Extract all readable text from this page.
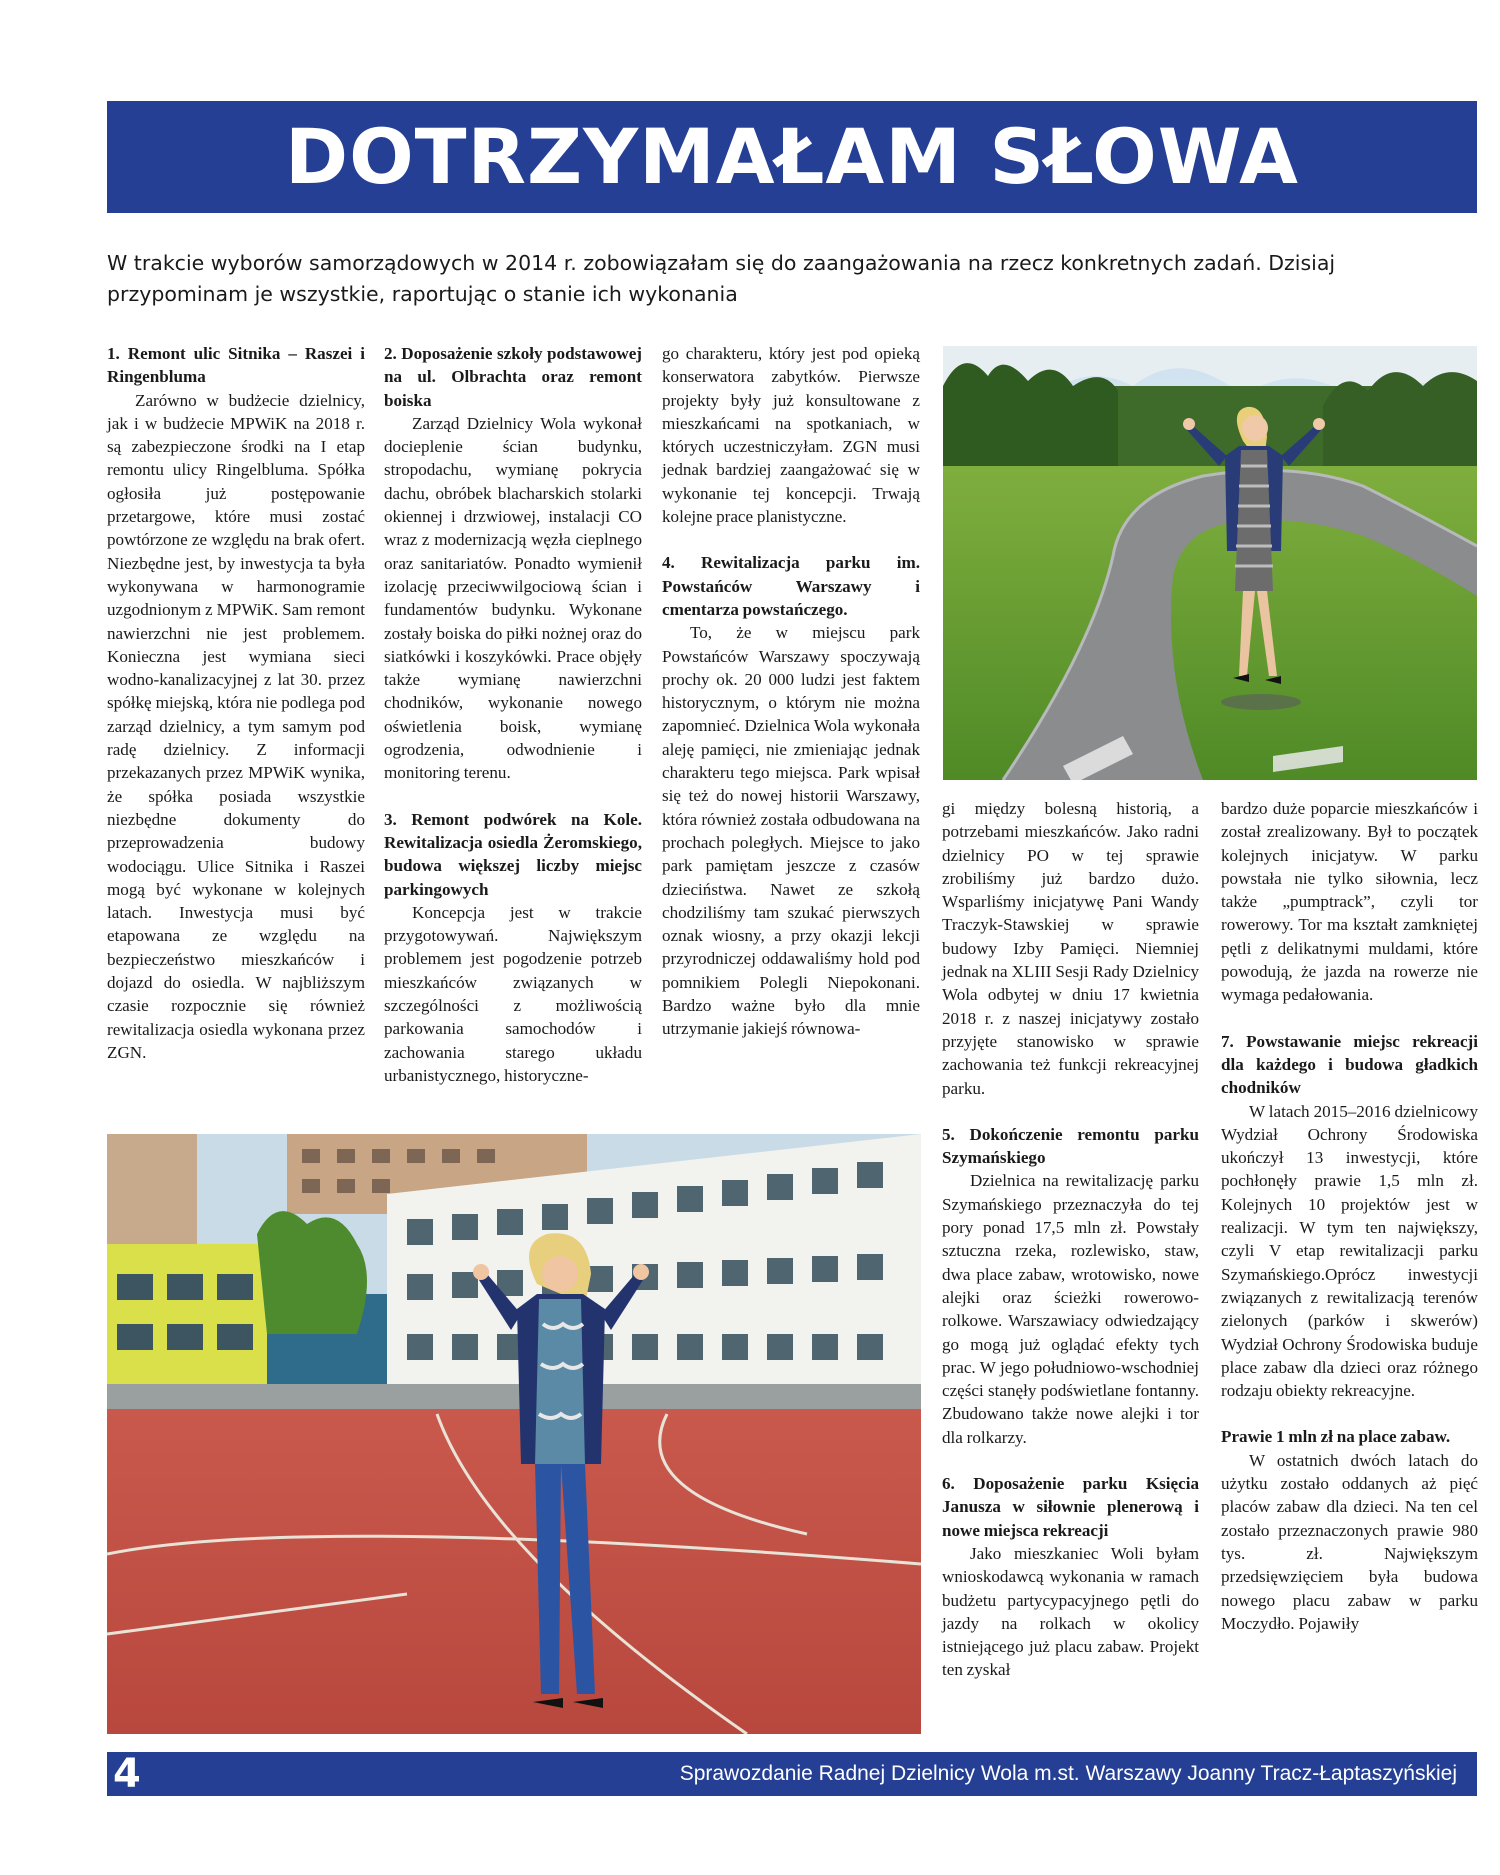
DOTRZYMAŁAM SŁOWA
W trakcie wyborów samorządowych w 2014 r. zobowiązałam się do zaangażowania na rzecz konkretnych zadań. Dzisiaj przypominam je wszystkie, raportując o stanie ich wykonania
1. Remont ulic Sitnika – Raszei i Ringenbluma

Zarówno w budżecie dzielnicy, jak i w budżecie MPWiK na 2018 r. są zabezpieczone środki na I etap remontu ulicy Ringelbluma. Spółka ogłosiła już postępowanie przetargowe, które musi zostać powtórzone ze względu na brak ofert. Niezbędne jest, by inwestycja ta była wykonywana w harmonogramie uzgodnionym z MPWiK. Sam remont nawierzchni nie jest problemem. Konieczna jest wymiana sieci wodno-kanalizacyjnej z lat 30. przez spółkę miejską, która nie podlega pod zarząd dzielnicy, a tym samym pod radę dzielnicy. Z informacji przekazanych przez MPWiK wynika, że spółka posiada wszystkie niezbędne dokumenty do przeprowadzenia budowy wodociągu. Ulice Sitnika i Raszei mogą być wykonane w kolejnych latach. Inwestycja musi być etapowana ze względu na bezpieczeństwo mieszkańców i dojazd do osiedla. W najbliższym czasie rozpocznie się również rewitalizacja osiedla wykonana przez ZGN.

2. Doposażenie szkoły podstawowej na ul. Olbrachta oraz remont boiska

Zarząd Dzielnicy Wola wykonał docieplenie ścian budynku, stropodachu, wymianę pokrycia dachu, obróbek blacharskich stolarki okiennej i drzwiowej, instalacji CO wraz z modernizacją węzła cieplnego oraz sanitariatów. Ponadto wymienił izolację przeciwwilgociową ścian i fundamentów budynku. Wykonane zostały boiska do piłki nożnej oraz do siatkówki i koszykówki. Prace objęły także wymianę nawierzchni chodników, wykonanie nowego oświetlenia boisk, wymianę ogrodzenia, odwodnienie i monitoring terenu.

3. Remont podwórek na Kole. Rewitalizacja osiedla Żeromskiego, budowa większej liczby miejsc parkingowych

Koncepcja jest w trakcie przygotowywań. Największym problemem jest pogodzenie potrzeb mieszkańców związanych w szczególności z możliwością parkowania samochodów i zachowania starego układu urbanistycznego, historyczne-

go charakteru, który jest pod opieką konserwatora zabytków. Pierwsze projekty były już konsultowane z mieszkańcami na spotkaniach, w których uczestniczyłam. ZGN musi jednak bardziej zaangażować się w wykonanie tej koncepcji. Trwają kolejne prace planistyczne.

4. Rewitalizacja parku im. Powstańców Warszawy i cmentarza powstańczego.

To, że w miejscu park Powstańców Warszawy spoczywają prochy ok. 20 000 ludzi jest faktem historycznym, o którym nie można zapomnieć. Dzielnica Wola wykonała aleję pamięci, nie zmieniając jednak charakteru tego miejsca. Park wpisał się też do nowej historii Warszawy, która również została odbudowana na prochach poległych. Miejsce to jako park pamiętam jeszcze z czasów dzieciństwa. Nawet ze szkołą chodziliśmy tam szukać pierwszych oznak wiosny, a przy okazji lekcji przyrodniczej oddawaliśmy hold pod pomnikiem Polegli Niepokonani. Bardzo ważne było dla mnie utrzymanie jakiejś równowa-

gi między bolesną historią, a potrzebami mieszkańców. Jako radni dzielnicy PO w tej sprawie zrobiliśmy już bardzo dużo. Wsparliśmy inicjatywę Pani Wandy Traczyk-Stawskiej w sprawie budowy Izby Pamięci. Niemniej jednak na XLIII Sesji Rady Dzielnicy Wola odbytej w dniu 17 kwietnia 2018 r. z naszej inicjatywy zostało przyjęte stanowisko w sprawie zachowania też funkcji rekreacyjnej parku.

5. Dokończenie remontu parku Szymańskiego

Dzielnica na rewitalizację parku Szymańskiego przeznaczyła do tej pory ponad 17,5 mln zł. Powstały sztuczna rzeka, rozlewisko, staw, dwa place zabaw, wrotowisko, nowe alejki oraz ścieżki rowerowo-rolkowe. Warszawiacy odwiedzający go mogą już oglądać efekty tych prac. W jego południowo-wschodniej części stanęły podświetlane fontanny. Zbudowano także nowe alejki i tor dla rolkarzy.

6. Doposażenie parku Księcia Janusza w siłownie plenerową i nowe miejsca rekreacji

Jako mieszkaniec Woli byłam wnioskodawcą wykonania w ramach budżetu partycypacyjnego pętli do jazdy na rolkach w okolicy istniejącego już placu zabaw. Projekt ten zyskał

bardzo duże poparcie mieszkańców i został zrealizowany. Był to początek kolejnych inicjatyw. W parku powstała nie tylko siłownia, lecz także „pumptrack”, czyli tor rowerowy. Tor ma kształt zamkniętej pętli z delikatnymi muldami, które powodują, że jazda na rowerze nie wymaga pedałowania.

7. Powstawanie miejsc rekreacji dla każdego i budowa gładkich chodników

W latach 2015–2016 dzielnicowy Wydział Ochrony Środowiska ukończył 13 inwestycji, które pochłonęły prawie 1,5 mln zł. Kolejnych 10 projektów jest w realizacji. W tym ten największy, czyli V etap rewitalizacji parku Szymańskiego.Oprócz inwestycji związanych z rewitalizacją terenów zielonych (parków i skwerów) Wydział Ochrony Środowiska buduje place zabaw dla dzieci oraz różnego rodzaju obiekty rekreacyjne.

Prawie 1 mln zł na place zabaw.

W ostatnich dwóch latach do użytku zostało oddanych aż pięć placów zabaw dla dzieci. Na ten cel zostało przeznaczonych prawie 980 tys. zł. Największym przedsięwzięciem była budowa nowego placu zabaw w parku Moczydło. Pojawiły

4	Sprawozdanie Radnej Dzielnicy Wola m.st. Warszawy Joanny Tracz-Łaptaszyńskiej
